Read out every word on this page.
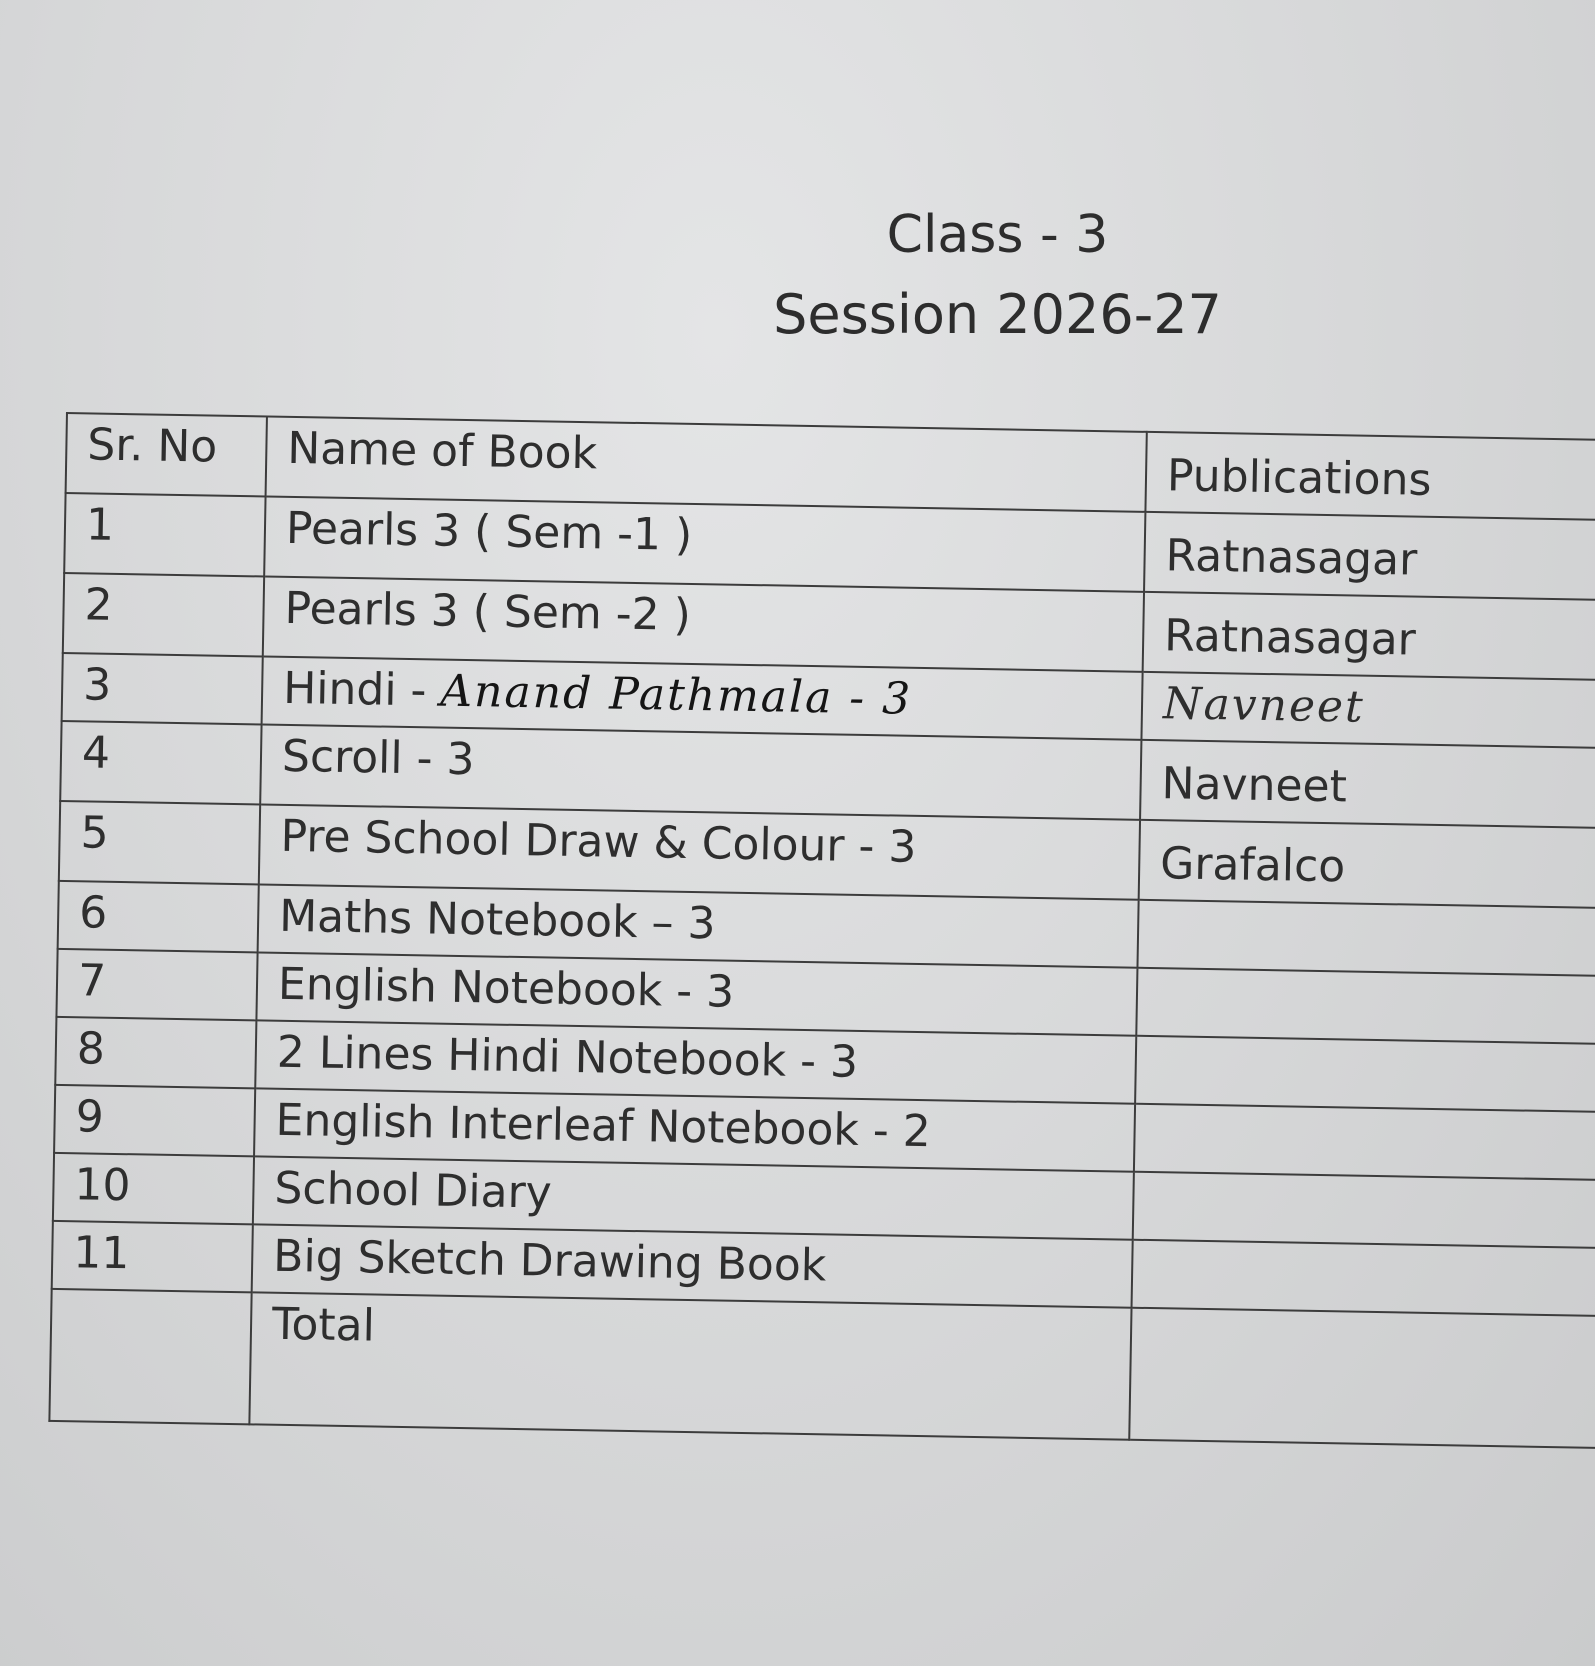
Class - 3
Session 2026-27
Sr. No	Name of Book	Publications
1	Pearls 3 ( Sem -1 )	Ratnasagar
2	Pearls 3 ( Sem -2 )	Ratnasagar
3	Hindi - Anand Pathmala - 3	Navneet
4	Scroll - 3	Navneet
5	Pre School Draw & Colour - 3	Grafalco
6	Maths Notebook – 3	
7	English Notebook - 3	
8	2 Lines Hindi Notebook - 3	
9	English Interleaf Notebook - 2	
10	School Diary	
11	Big Sketch Drawing Book	
	Total	
